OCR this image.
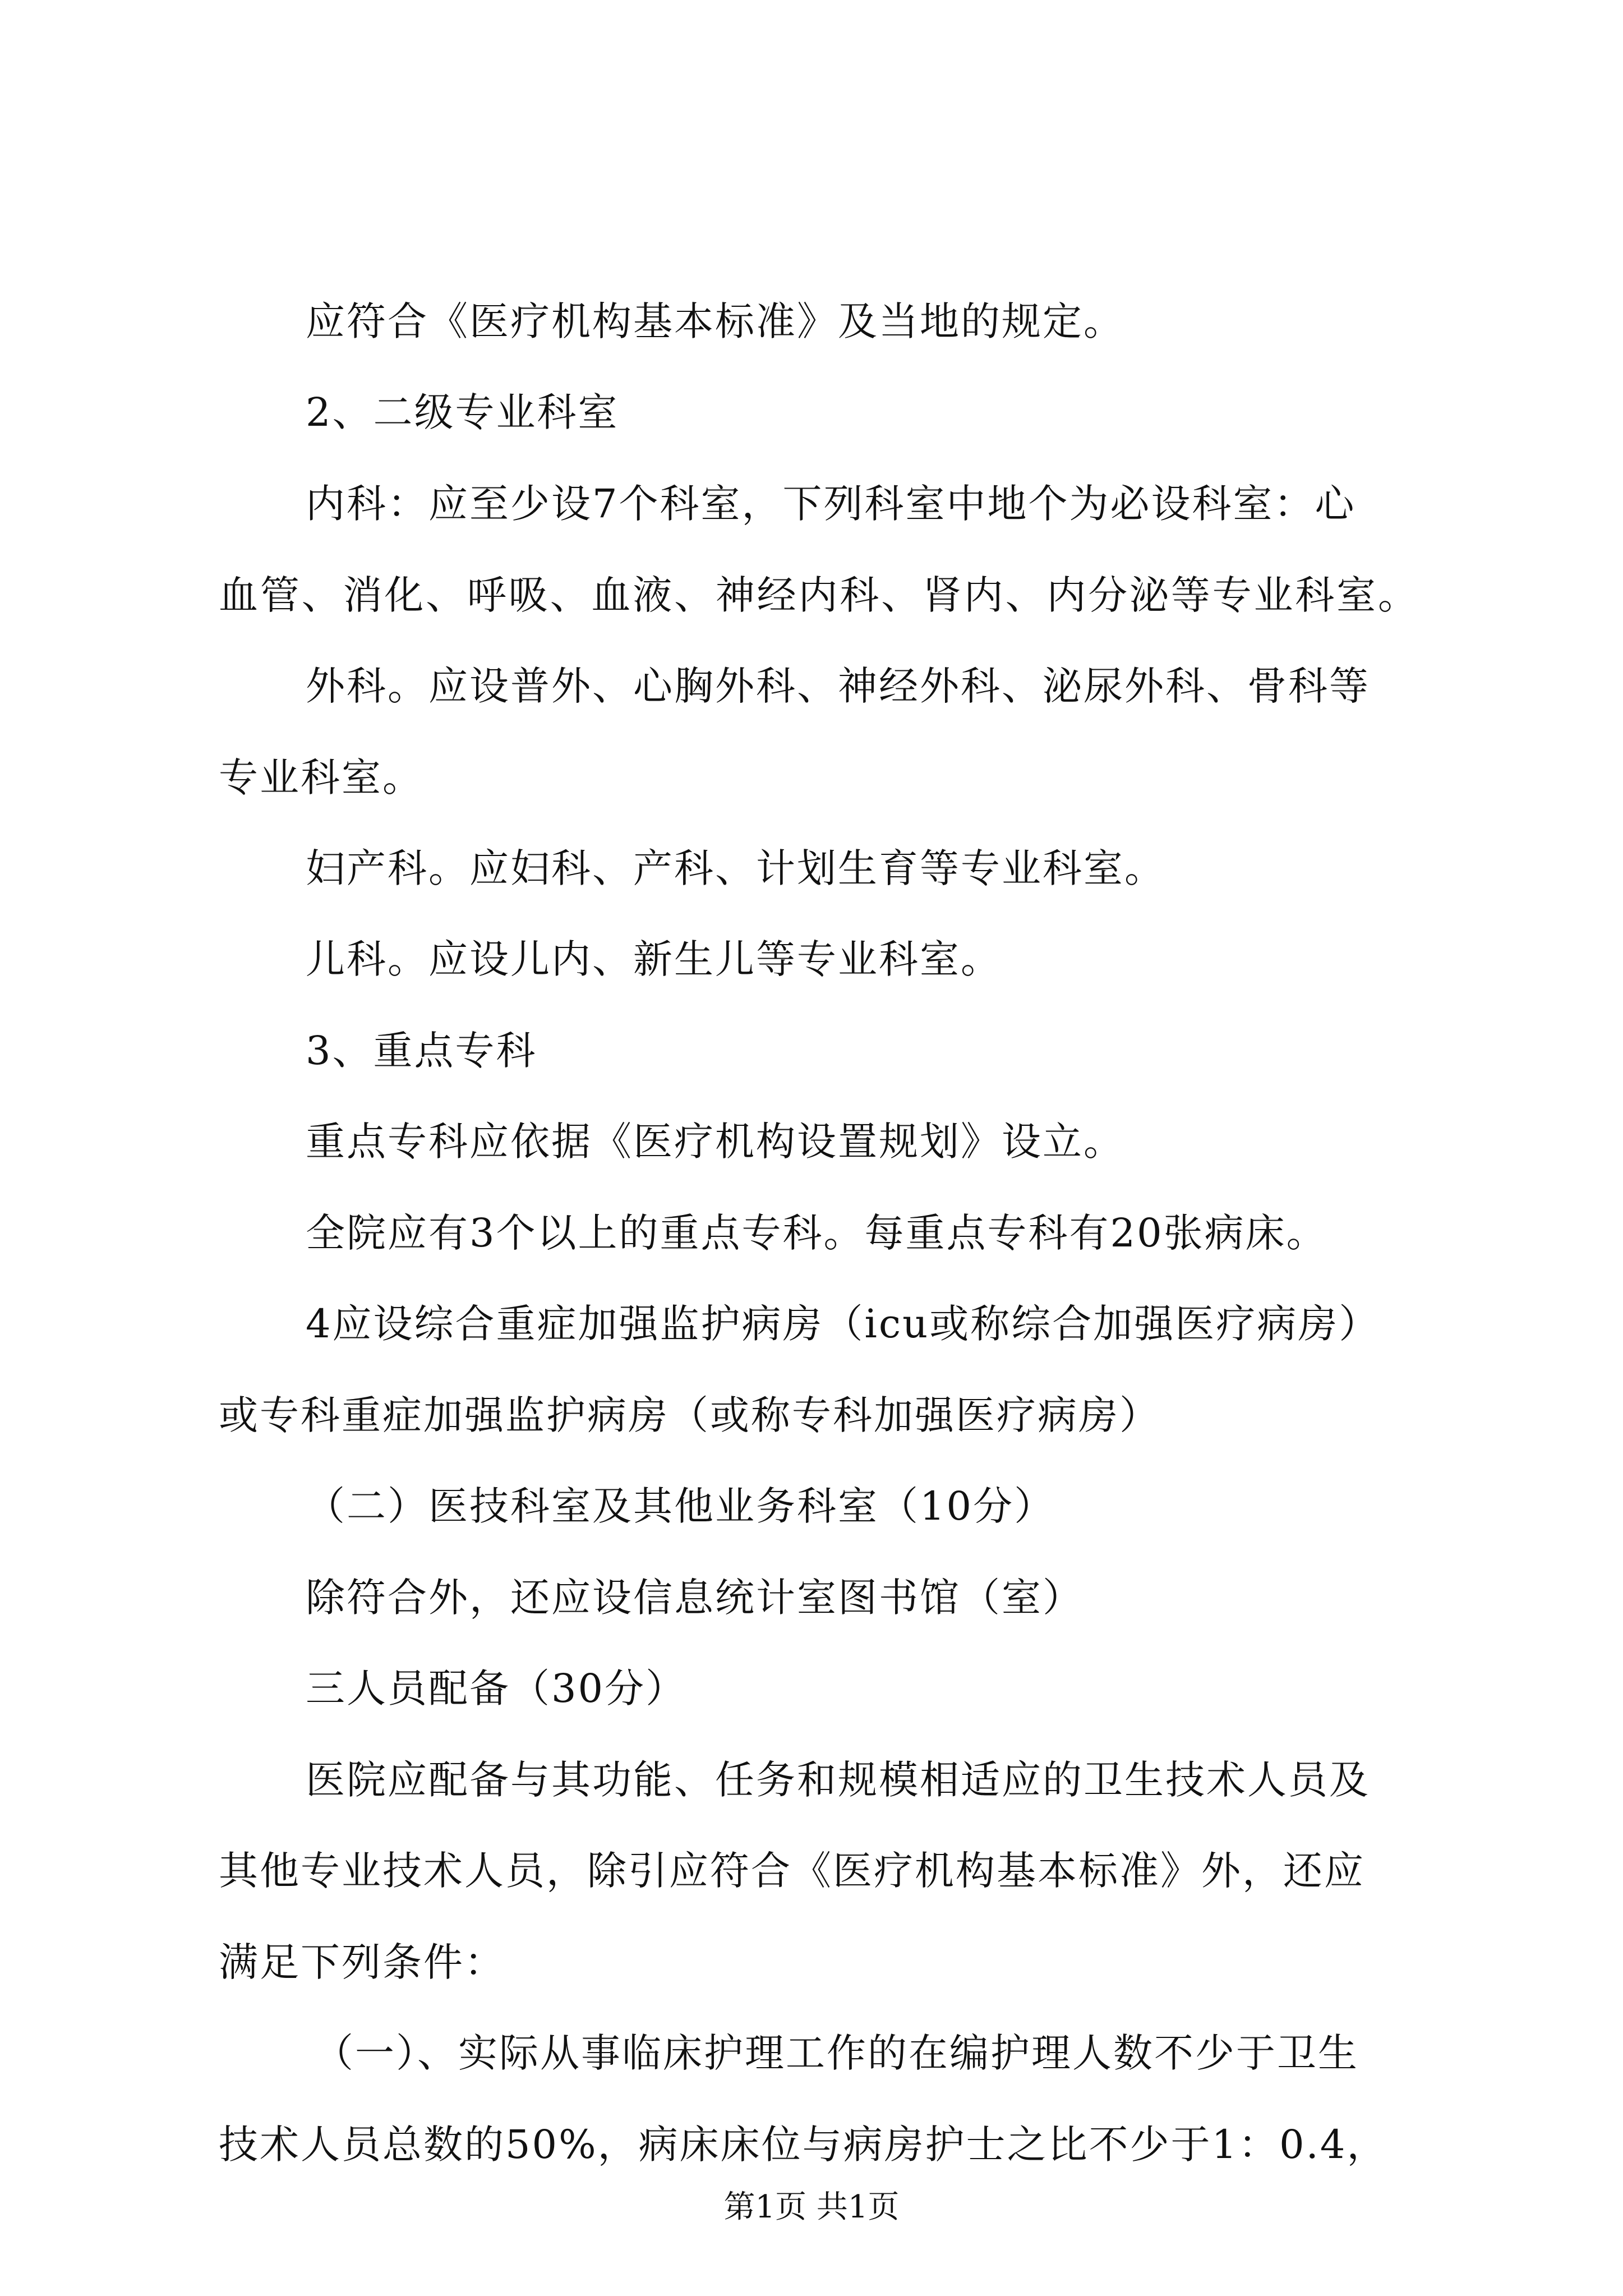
应符合《医疗机构基本标准》及当地的规定。
2、二级专业科室
内科：应至少设7个科室，下列科室中地个为必设科室：心
血管、消化、呼吸、血液、神经内科、肾内、内分泌等专业科室。
外科。应设普外、心胸外科、神经外科、泌尿外科、骨科等
专业科室。
妇产科。应妇科、产科、计划生育等专业科室。
儿科。应设儿内、新生儿等专业科室。
3、重点专科
重点专科应依据《医疗机构设置规划》设立。
全院应有3个以上的重点专科。每重点专科有20张病床。
4应设综合重症加强监护病房（icu或称综合加强医疗病房）
或专科重症加强监护病房（或称专科加强医疗病房）
（二）医技科室及其他业务科室（10分）
除符合外，还应设信息统计室图书馆（室）
三人员配备（30分）
医院应配备与其功能、任务和规模相适应的卫生技术人员及
其他专业技术人员，除引应符合《医疗机构基本标准》外，还应
满足下列条件：
（一）、实际从事临床护理工作的在编护理人数不少于卫生
技术人员总数的50%，病床床位与病房护士之比不少于1：0.4，
第1页 共1页
